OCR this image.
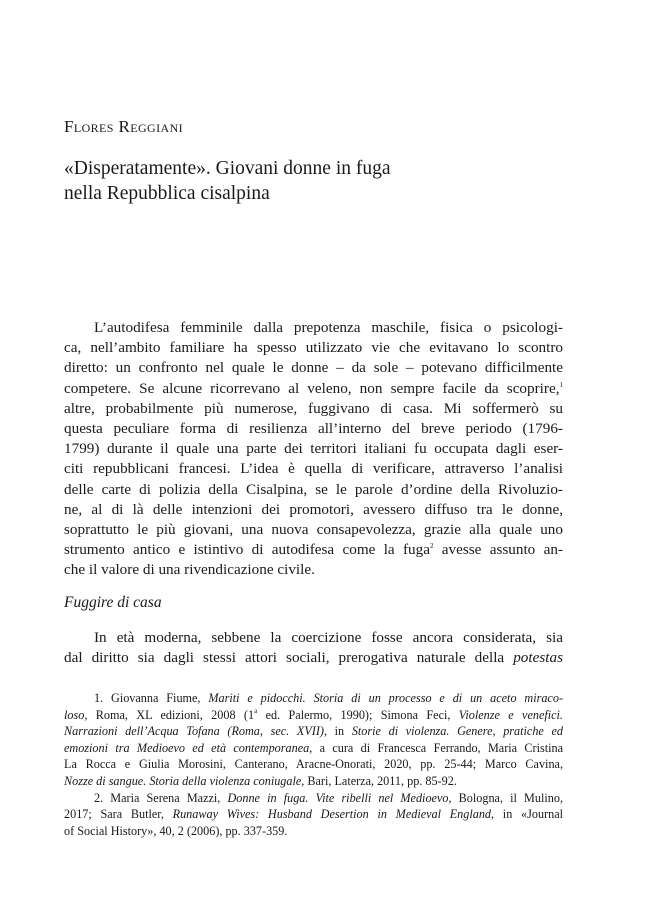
Flores Reggiani
«Disperatamente». Giovani donne in fuga
nella Repubblica cisalpina
L’autodifesa femminile dalla prepotenza maschile, fisica o psicologi-
ca, nell’ambito familiare ha spesso utilizzato vie che evitavano lo scontro
diretto: un confronto nel quale le donne – da sole – potevano difficilmente
competere. Se alcune ricorrevano al veleno, non sempre facile da scoprire,$^1$
altre, probabilmente più numerose, fuggivano di casa. Mi soffermerò su
questa peculiare forma di resilienza all’interno del breve periodo (1796-
1799) durante il quale una parte dei territori italiani fu occupata dagli eser-
citi repubblicani francesi. L’idea è quella di verificare, attraverso l’analisi
delle carte di polizia della Cisalpina, se le parole d’ordine della Rivoluzio-
ne, al di là delle intenzioni dei promotori, avessero diffuso tra le donne,
soprattutto le più giovani, una nuova consapevolezza, grazie alla quale uno
strumento antico e istintivo di autodifesa come la fuga$^2$ avesse assunto an-
che il valore di una rivendicazione civile.
Fuggire di casa
In età moderna, sebbene la coercizione fosse ancora considerata, sia
dal diritto sia dagli stessi attori sociali, prerogativa naturale della potestas
1. Giovanna Fiume, Mariti e pidocchi. Storia di un processo e di un aceto miraco-
loso, Roma, XL edizioni, 2008 (1$^a$ ed. Palermo, 1990); Simona Feci, Violenze e venefici.
Narrazioni dell’Acqua Tofana (Roma, sec. XVII), in Storie di violenza. Genere, pratiche ed
emozioni tra Medioevo ed età contemporanea, a cura di Francesca Ferrando, Maria Cristina
La Rocca e Giulia Morosini, Canterano, Aracne-Onorati, 2020, pp. 25-44; Marco Cavina,
Nozze di sangue. Storia della violenza coniugale, Bari, Laterza, 2011, pp. 85-92.
2. Maria Serena Mazzi, Donne in fuga. Vite ribelli nel Medioevo, Bologna, il Mulino,
2017; Sara Butler, Runaway Wives: Husband Desertion in Medieval England, in «Journal
of Social History», 40, 2 (2006), pp. 337-359.
